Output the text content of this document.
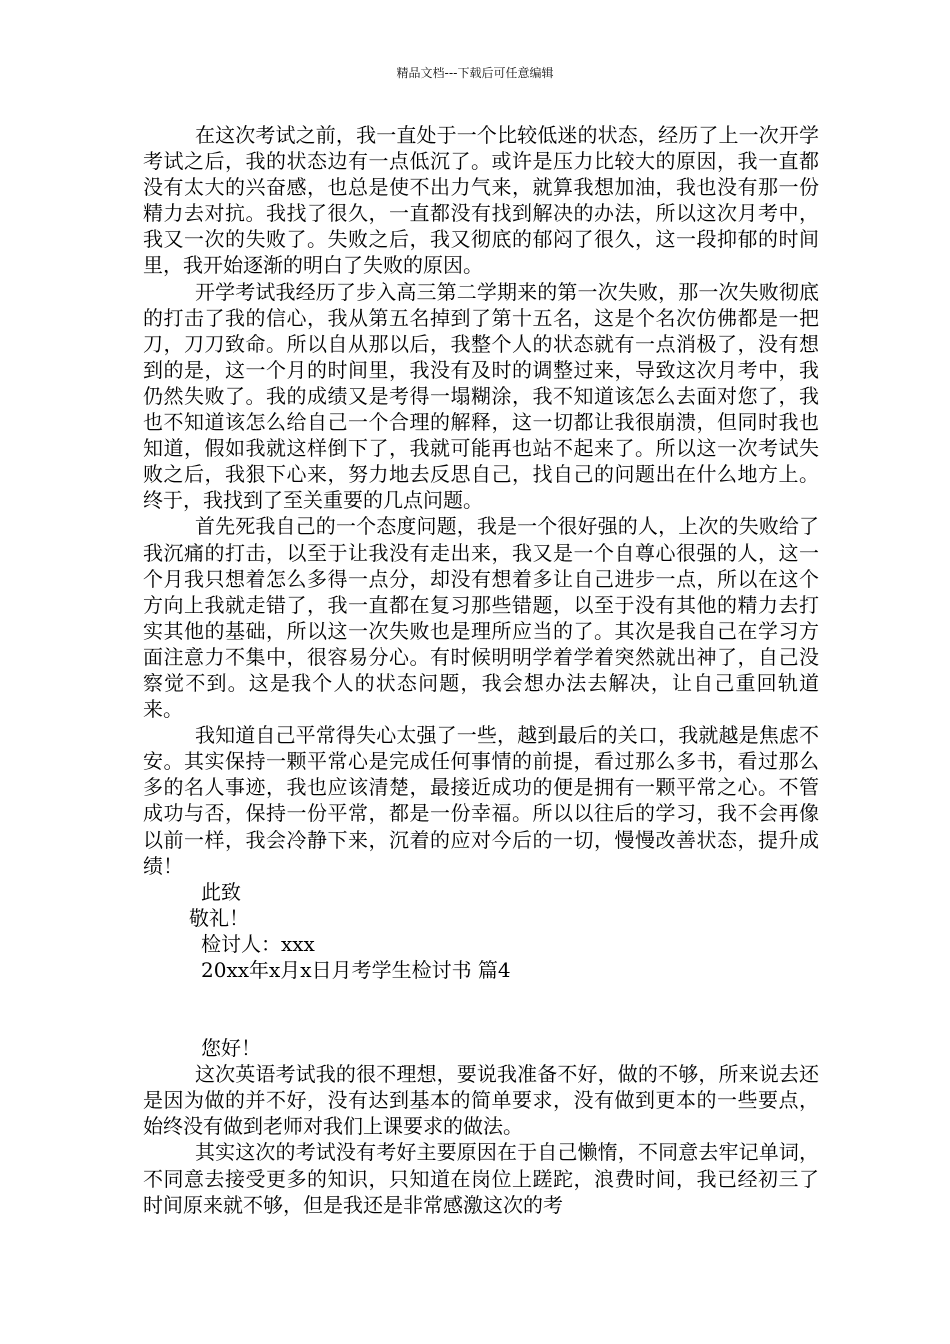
精品文档---下载后可任意编辑

在这次考试之前，我一直处于一个比较低迷的状态，经历了上一次开学考试之后，我的状态边有一点低沉了。或许是压力比较大的原因，我一直都没有太大的兴奋感，也总是使不出力气来，就算我想加油，我也没有那一份精力去对抗。我找了很久，一直都没有找到解决的办法，所以这次月考中，我又一次的失败了。失败之后，我又彻底的郁闷了很久，这一段抑郁的时间里，我开始逐渐的明白了失败的原因。

开学考试我经历了步入高三第二学期来的第一次失败，那一次失败彻底的打击了我的信心，我从第五名掉到了第十五名，这是个名次仿佛都是一把刀，刀刀致命。所以自从那以后，我整个人的状态就有一点消极了，没有想到的是，这一个月的时间里，我没有及时的调整过来，导致这次月考中，我仍然失败了。我的成绩又是考得一塌糊涂，我不知道该怎么去面对您了，我也不知道该怎么给自己一个合理的解释，这一切都让我很崩溃，但同时我也知道，假如我就这样倒下了，我就可能再也站不起来了。所以这一次考试失败之后，我狠下心来，努力地去反思自己，找自己的问题出在什么地方上。终于，我找到了至关重要的几点问题。

首先死我自己的一个态度问题，我是一个很好强的人，上次的失败给了我沉痛的打击，以至于让我没有走出来，我又是一个自尊心很强的人，这一个月我只想着怎么多得一点分，却没有想着多让自己进步一点，所以在这个方向上我就走错了，我一直都在复习那些错题，以至于没有其他的精力去打实其他的基础，所以这一次失败也是理所应当的了。其次是我自己在学习方面注意力不集中，很容易分心。有时候明明学着学着突然就出神了，自己没察觉不到。这是我个人的状态问题，我会想办法去解决，让自己重回轨道来。

我知道自己平常得失心太强了一些，越到最后的关口，我就越是焦虑不安。其实保持一颗平常心是完成任何事情的前提，看过那么多书，看过那么多的名人事迹，我也应该清楚，最接近成功的便是拥有一颗平常之心。不管成功与否，保持一份平常，都是一份幸福。所以以往后的学习，我不会再像以前一样，我会冷静下来，沉着的应对今后的一切，慢慢改善状态，提升成绩！

此致

敬礼！

检讨人：xxx

20xx年x月x日月考学生检讨书 篇4

您好！

这次英语考试我的很不理想，要说我准备不好，做的不够，所来说去还是因为做的并不好，没有达到基本的简单要求，没有做到更本的一些要点，始终没有做到老师对我们上课要求的做法。

其实这次的考试没有考好主要原因在于自己懒惰，不同意去牢记单词，不同意去接受更多的知识，只知道在岗位上蹉跎，浪费时间，我已经初三了时间原来就不够，但是我还是非常感激这次的考
